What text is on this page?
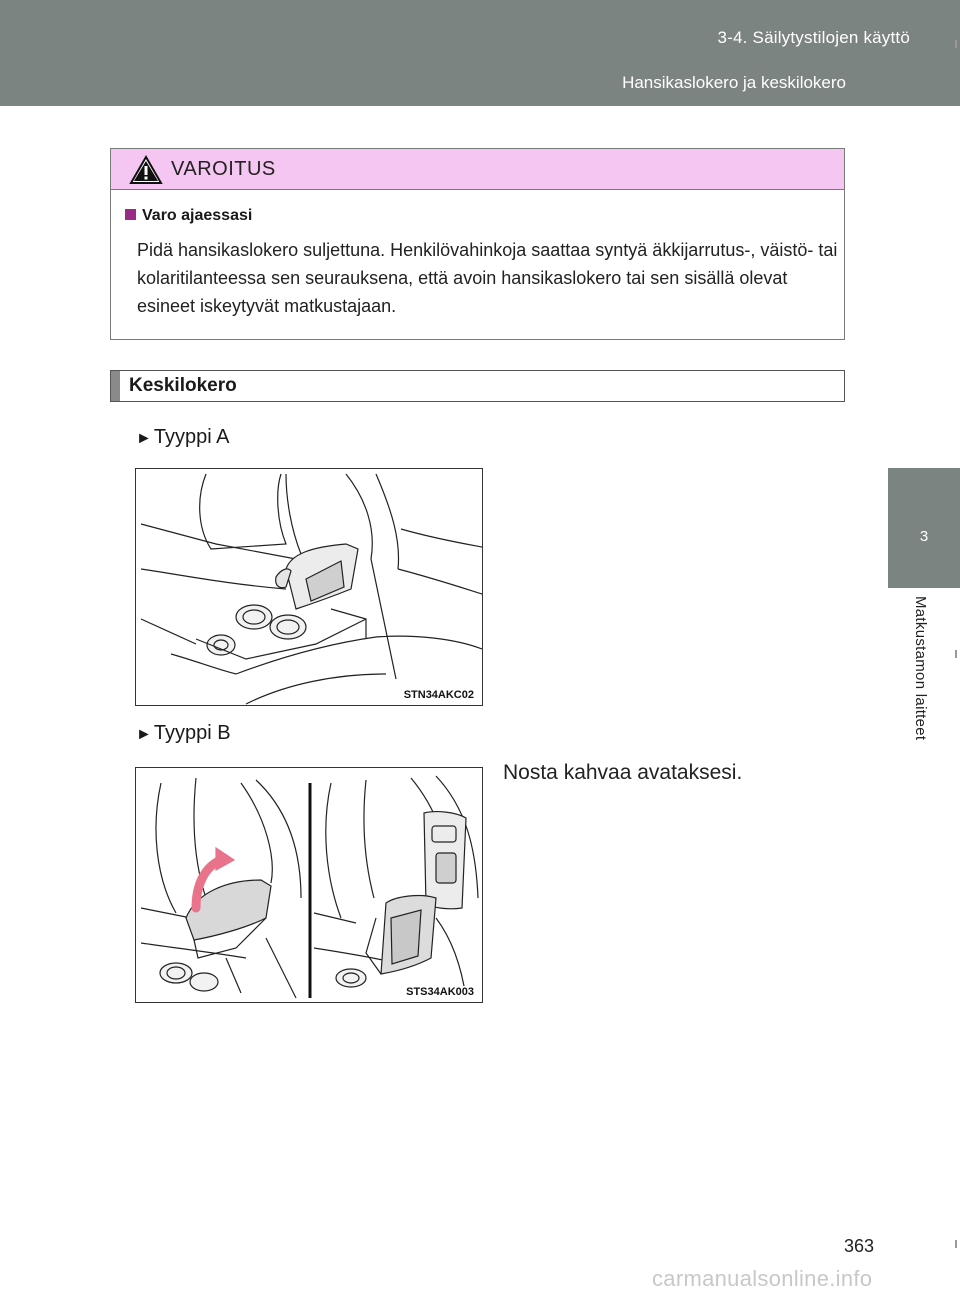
3-4. Säilytystilojen käyttö
Hansikaslokero ja keskilokero
3
Matkustamon laitteet
VAROITUS
Varo ajaessasi
Pidä hansikaslokero suljettuna. Henkilövahinkoja saattaa syntyä äkkijarrutus-, väistö- tai kolaritilanteessa sen seurauksena, että avoin hansikaslokero tai sen sisällä olevat esineet iskeytyvät matkustajaan.
Keskilokero
► Tyyppi A
STN34AKC02
► Tyyppi B
Nosta kahvaa avataksesi.
STS34AK003
363
carmanualsonline.info
